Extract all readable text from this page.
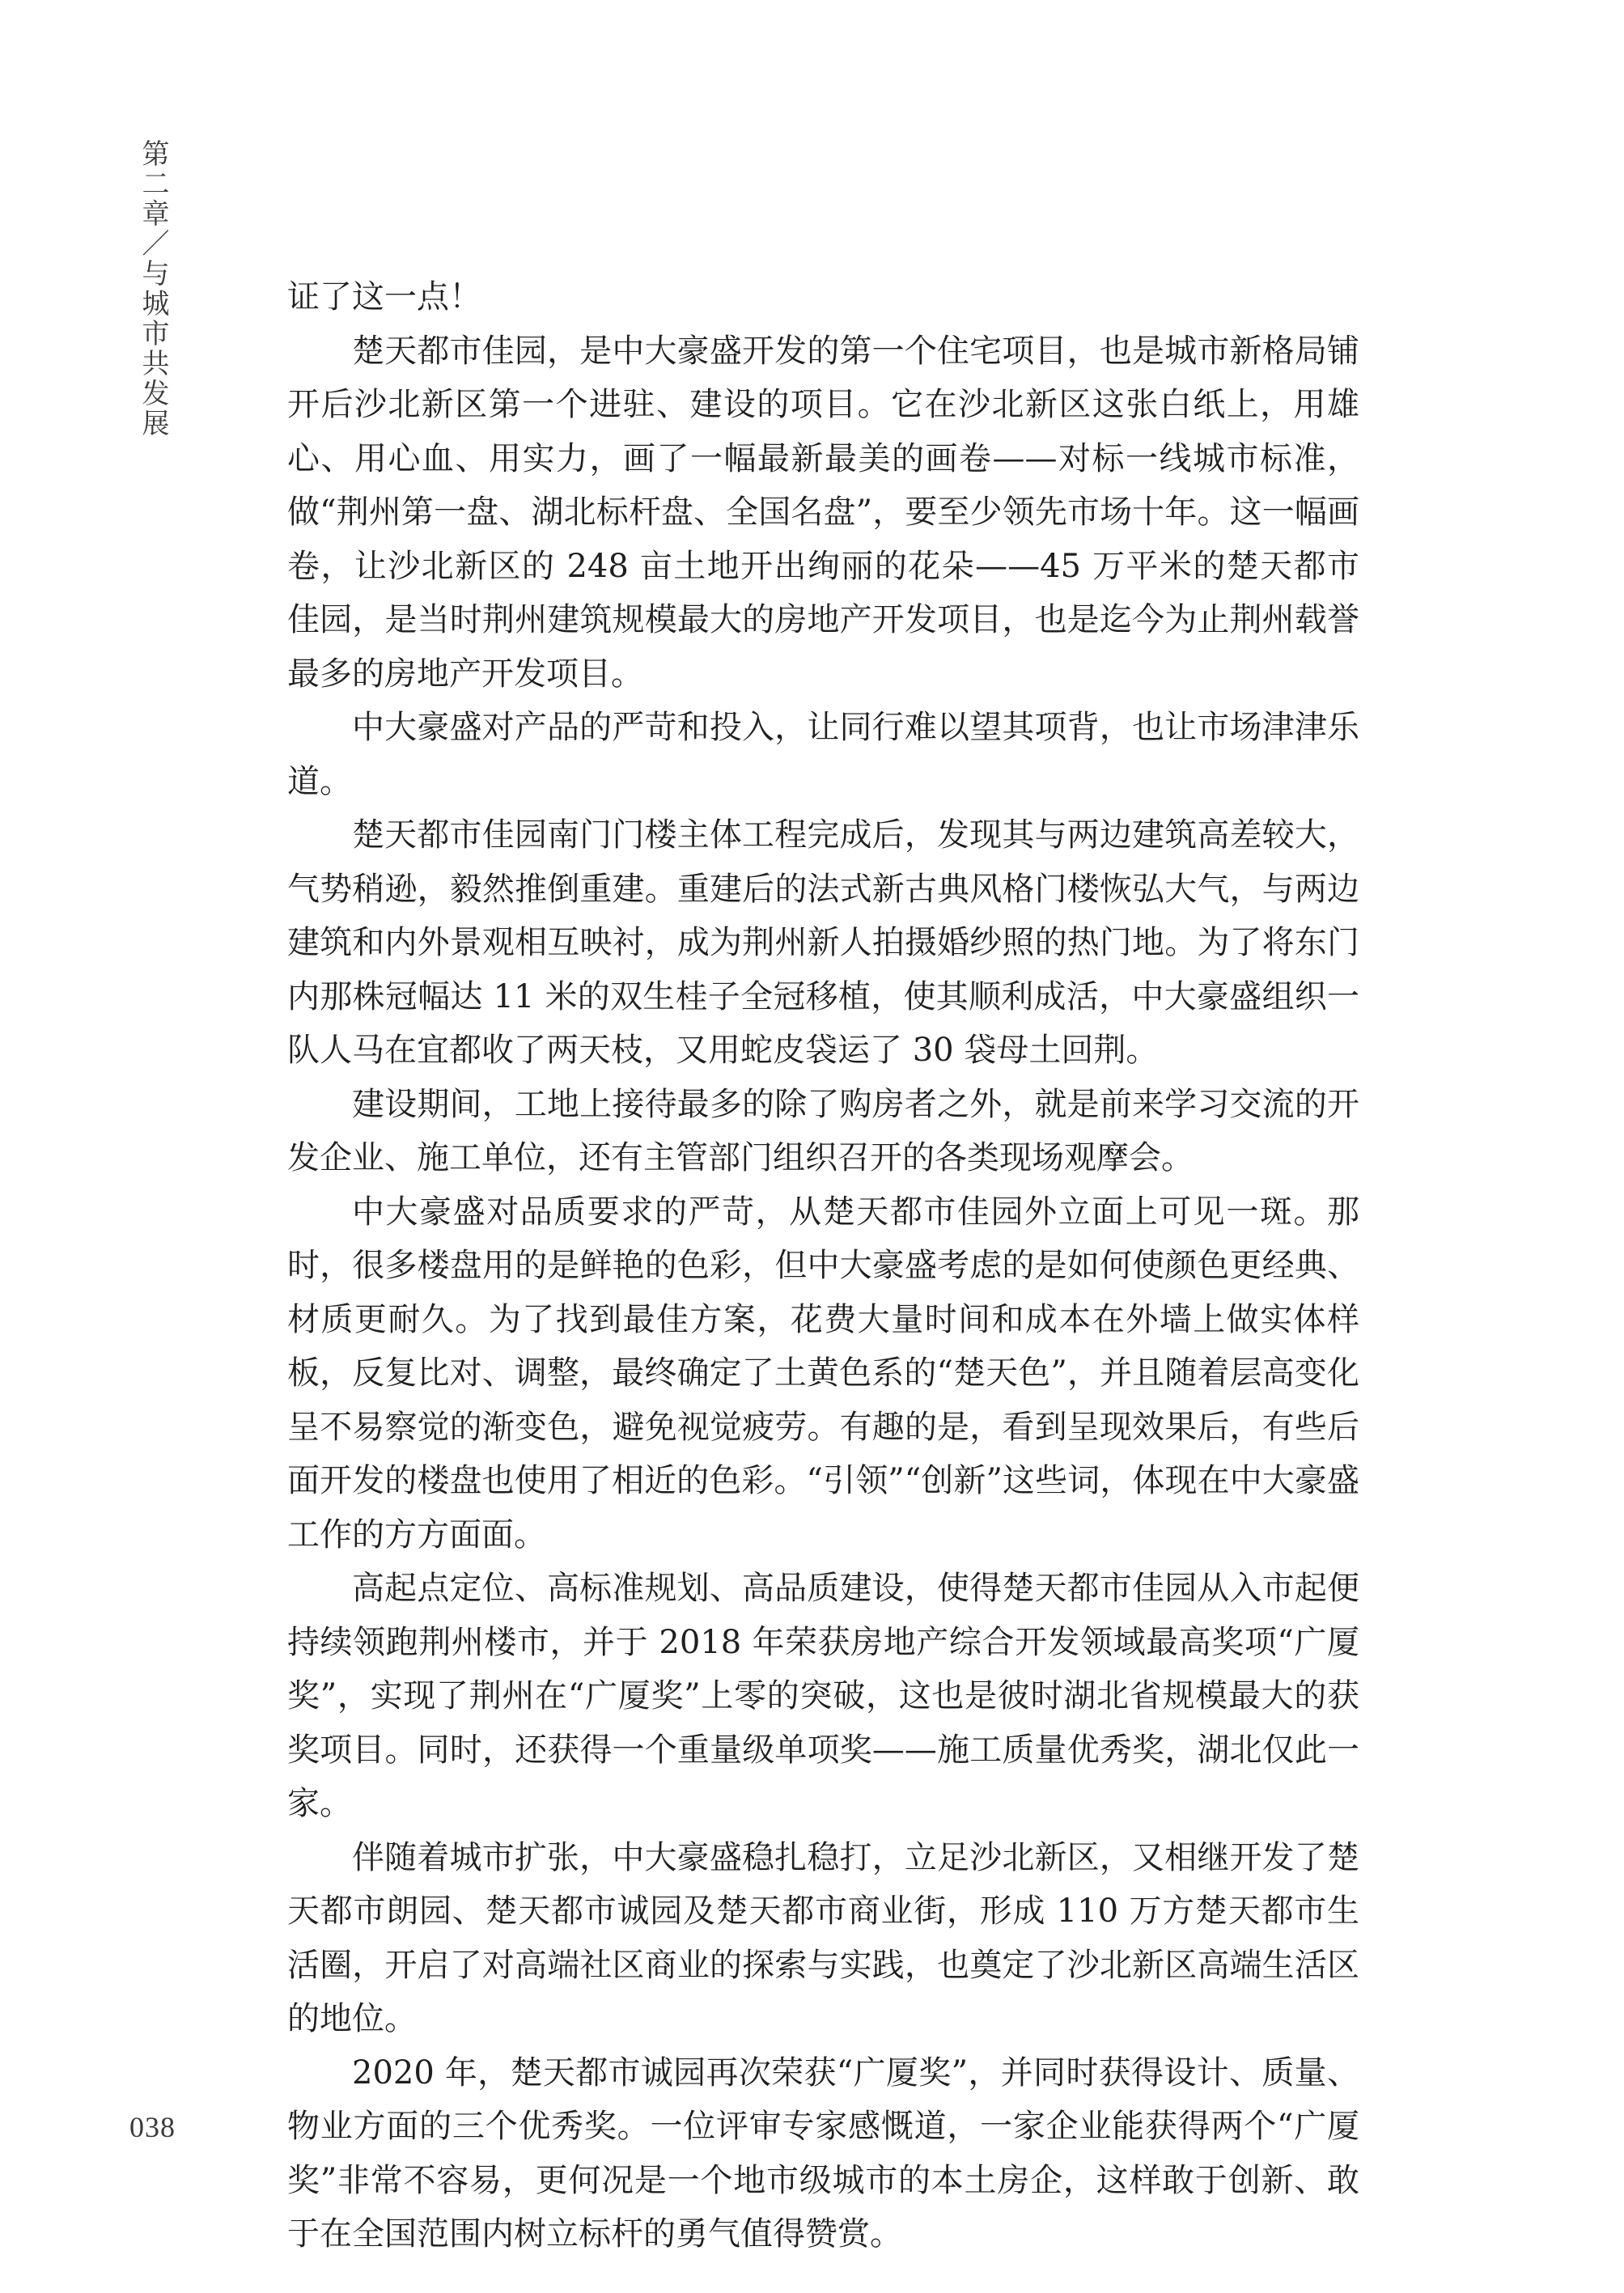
第二章／与城市共发展	证了这一点！

楚天都市佳园，是中大豪盛开发的第一个住宅项目，也是城市新格局铺开后沙北新区第一个进驻、建设的项目。它在沙北新区这张白纸上，用雄心、用心血、用实力，画了一幅最新最美的画卷——对标一线城市标准，做“荆州第一盘、湖北标杆盘、全国名盘”，要至少领先市场十年。这一幅画卷，让沙北新区的 248 亩土地开出绚丽的花朵——45 万平米的楚天都市佳园，是当时荆州建筑规模最大的房地产开发项目，也是迄今为止荆州载誉最多的房地产开发项目。

中大豪盛对产品的严苛和投入，让同行难以望其项背，也让市场津津乐道。

楚天都市佳园南门门楼主体工程完成后，发现其与两边建筑高差较大，气势稍逊，毅然推倒重建。重建后的法式新古典风格门楼恢弘大气，与两边建筑和内外景观相互映衬，成为荆州新人拍摄婚纱照的热门地。为了将东门内那株冠幅达 11 米的双生桂子全冠移植，使其顺利成活，中大豪盛组织一队人马在宜都收了两天枝，又用蛇皮袋运了 30 袋母土回荆。

建设期间，工地上接待最多的除了购房者之外，就是前来学习交流的开发企业、施工单位，还有主管部门组织召开的各类现场观摩会。

中大豪盛对品质要求的严苛，从楚天都市佳园外立面上可见一斑。那时，很多楼盘用的是鲜艳的色彩，但中大豪盛考虑的是如何使颜色更经典、材质更耐久。为了找到最佳方案，花费大量时间和成本在外墙上做实体样板，反复比对、调整，最终确定了土黄色系的“楚天色”，并且随着层高变化呈不易察觉的渐变色，避免视觉疲劳。有趣的是，看到呈现效果后，有些后面开发的楼盘也使用了相近的色彩。“引领”“创新”这些词，体现在中大豪盛工作的方方面面。

高起点定位、高标准规划、高品质建设，使得楚天都市佳园从入市起便持续领跑荆州楼市，并于 2018 年荣获房地产综合开发领域最高奖项“广厦奖”，实现了荆州在“广厦奖”上零的突破，这也是彼时湖北省规模最大的获奖项目。同时，还获得一个重量级单项奖——施工质量优秀奖，湖北仅此一家。

伴随着城市扩张，中大豪盛稳扎稳打，立足沙北新区，又相继开发了楚天都市朗园、楚天都市诚园及楚天都市商业街，形成 110 万方楚天都市生活圈，开启了对高端社区商业的探索与实践，也奠定了沙北新区高端生活区的地位。

2020 年，楚天都市诚园再次荣获“广厦奖”，并同时获得设计、质量、物业方面的三个优秀奖。一位评审专家感慨道，一家企业能获得两个“广厦奖”非常不容易，更何况是一个地市级城市的本土房企，这样敢于创新、敢于在全国范围内树立标杆的勇气值得赞赏。

038
